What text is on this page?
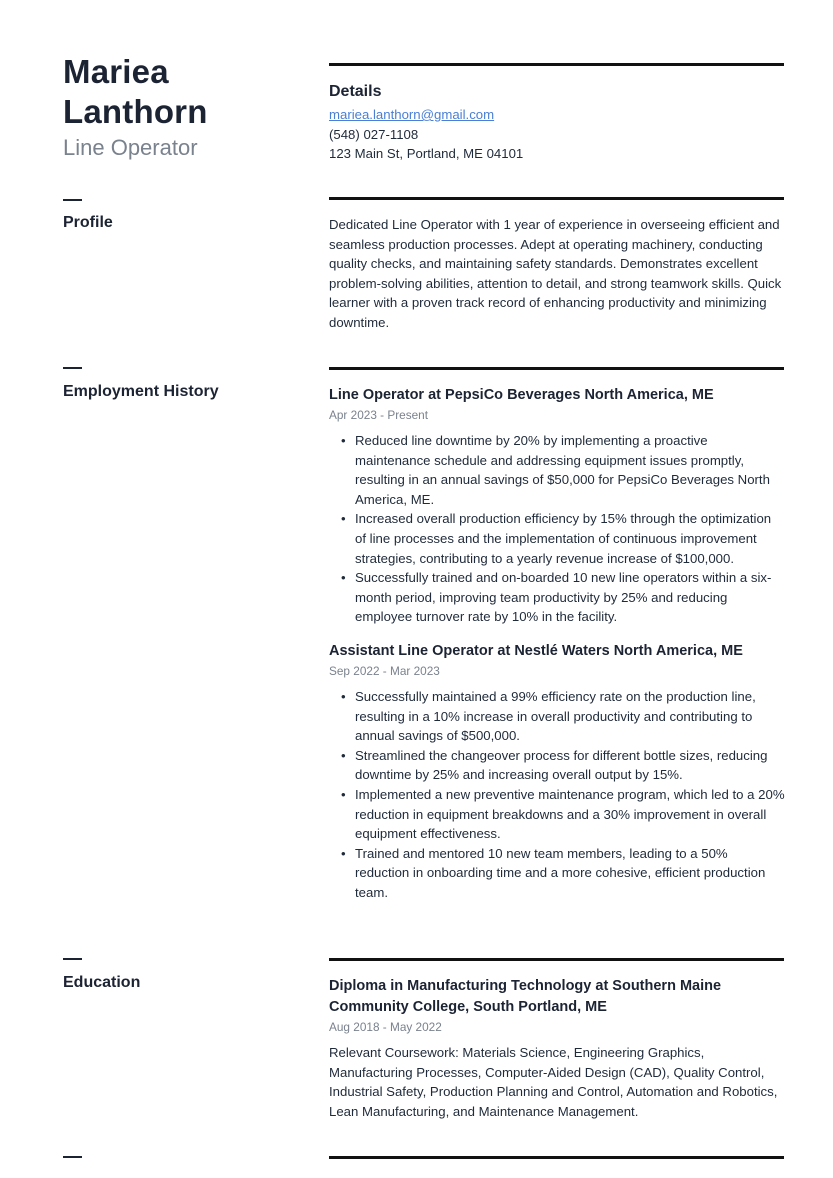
Mariea
Lanthorn
Line Operator
Details
mariea.lanthorn@gmail.com
(548) 027-1108
123 Main St, Portland, ME 04101
Profile	Dedicated Line Operator with 1 year of experience in overseeing efficient and seamless production processes. Adept at operating machinery, conducting quality checks, and maintaining safety standards. Demonstrates excellent problem-solving abilities, attention to detail, and strong teamwork skills. Quick learner with a proven track record of enhancing productivity and minimizing downtime.
Employment History	Line Operator at PepsiCo Beverages North America, ME
Apr 2023 - Present
• Reduced line downtime by 20% by implementing a proactive maintenance schedule and addressing equipment issues promptly, resulting in an annual savings of $50,000 for PepsiCo Beverages North America, ME.
• Increased overall production efficiency by 15% through the optimization of line processes and the implementation of continuous improvement strategies, contributing to a yearly revenue increase of $100,000.
• Successfully trained and on-boarded 10 new line operators within a six-month period, improving team productivity by 25% and reducing employee turnover rate by 10% in the facility.
Assistant Line Operator at Nestlé Waters North America, ME
Sep 2022 - Mar 2023
• Successfully maintained a 99% efficiency rate on the production line, resulting in a 10% increase in overall productivity and contributing to annual savings of $500,000.
• Streamlined the changeover process for different bottle sizes, reducing downtime by 25% and increasing overall output by 15%.
• Implemented a new preventive maintenance program, which led to a 20% reduction in equipment breakdowns and a 30% improvement in overall equipment effectiveness.
• Trained and mentored 10 new team members, leading to a 50% reduction in onboarding time and a more cohesive, efficient production team.
Education	Diploma in Manufacturing Technology at Southern Maine Community College, South Portland, ME
Aug 2018 - May 2022
Relevant Coursework: Materials Science, Engineering Graphics, Manufacturing Processes, Computer-Aided Design (CAD), Quality Control, Industrial Safety, Production Planning and Control, Automation and Robotics, Lean Manufacturing, and Maintenance Management.
